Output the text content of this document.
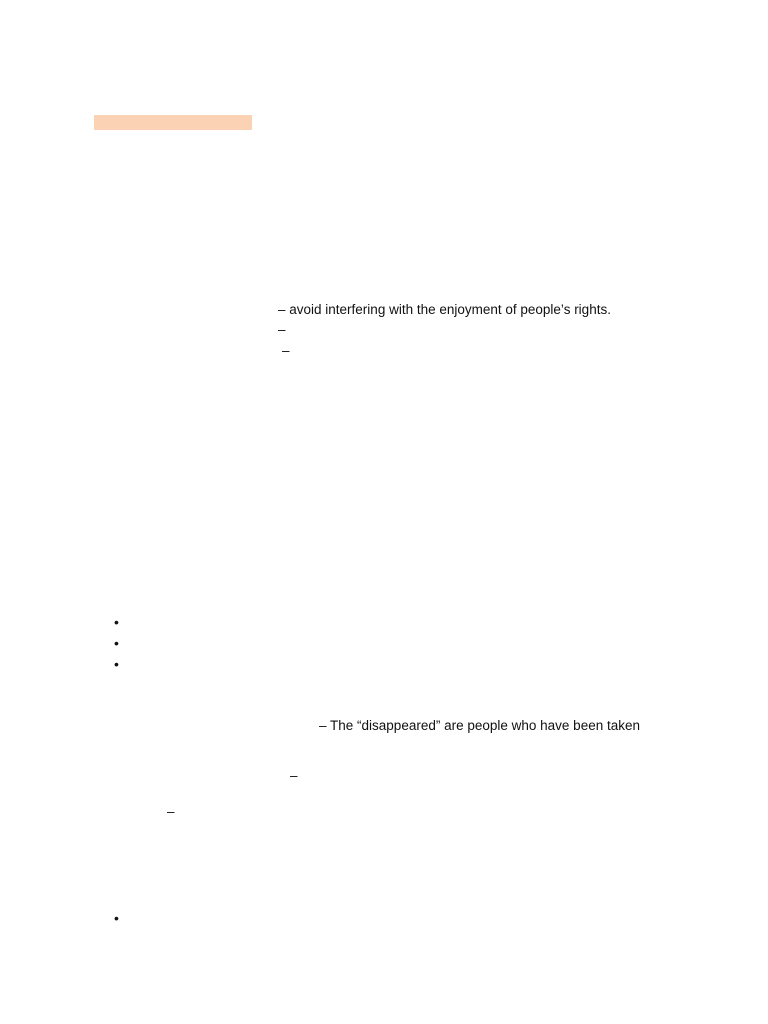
– avoid interfering with the enjoyment of people’s rights.
–
–
•
•
•
– The “disappeared” are people who have been taken
–
–
•
